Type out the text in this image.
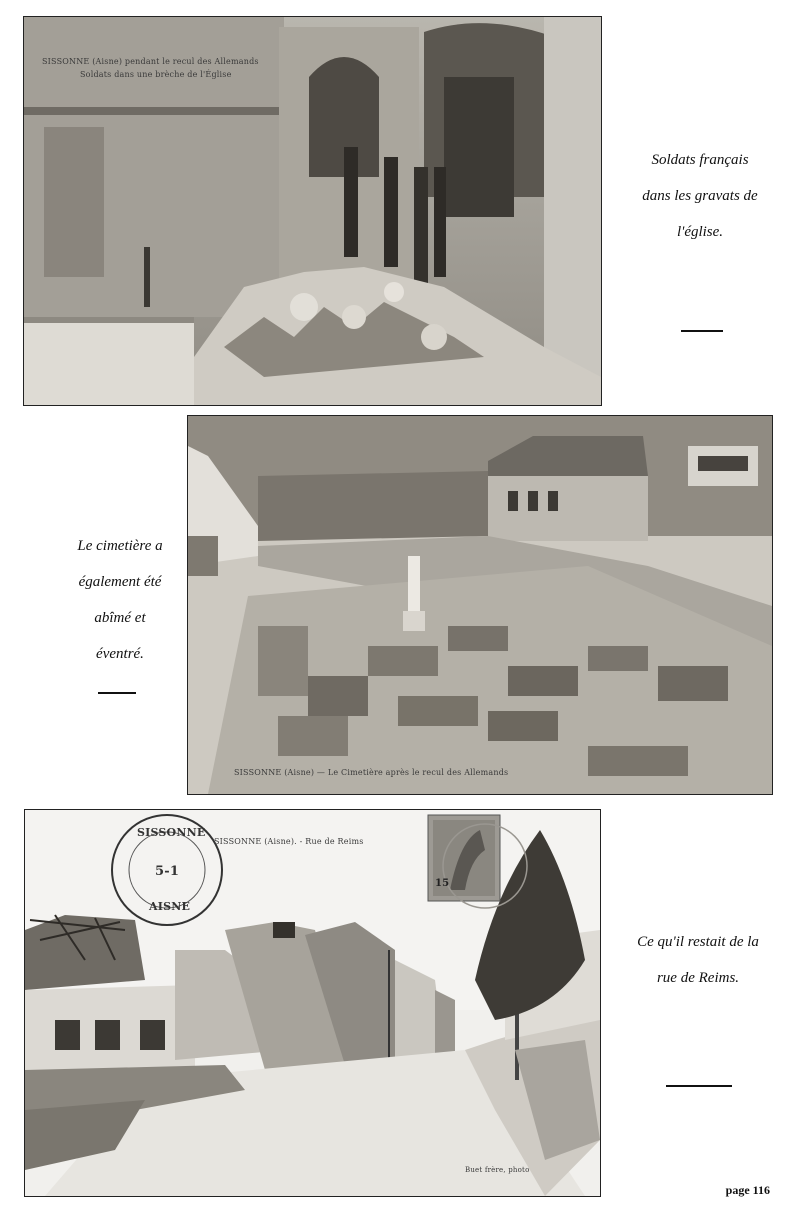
SISSONNE (Aisne) pendant le recul des Allemands
Soldats dans une brèche de l'Église

Soldats français

dans les gravats de

l'église.

SISSONNE (Aisne) — Le Cimetière après le recul des Allemands

Le cimetière a

également été

abîmé et

éventré.

SISSONNE (Aisne). - Rue de Reims
SISSONNE
5-1
AISNE
15
Buet frère, photo

Ce qu'il restait de la

rue de Reims.

page 116
